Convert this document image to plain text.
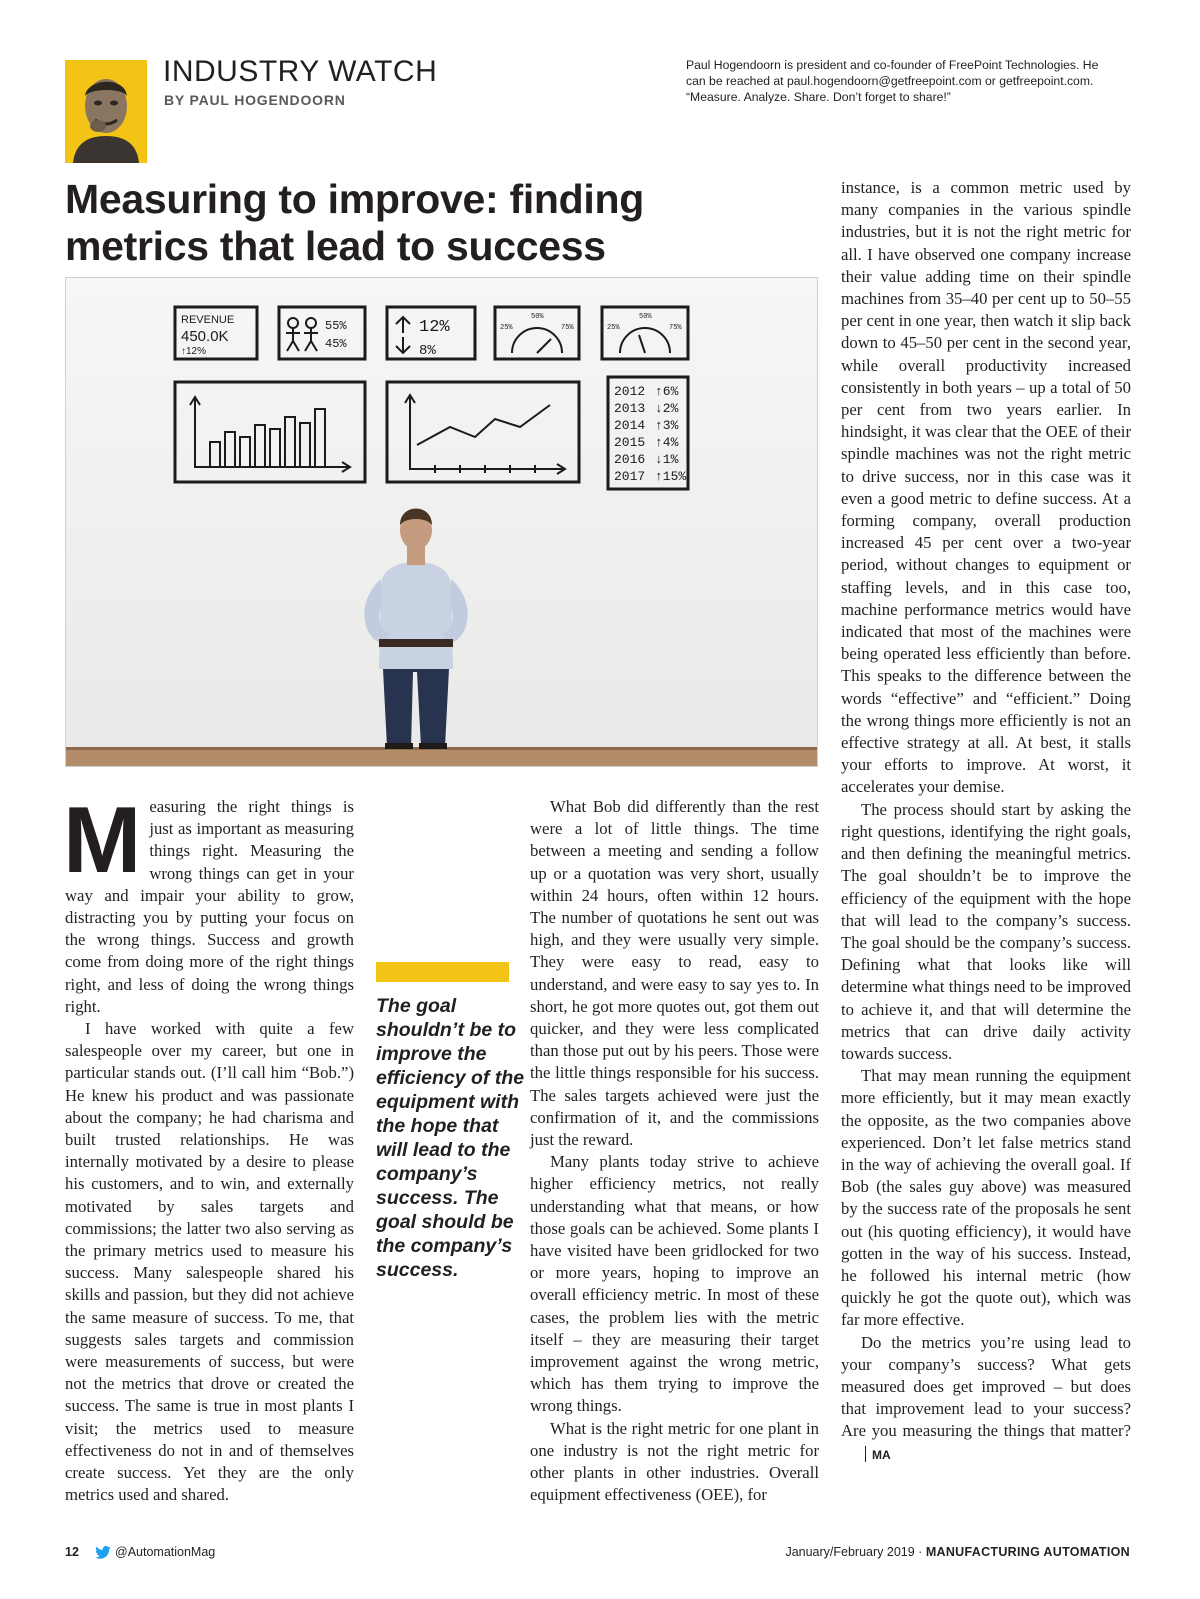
INDUSTRY WATCH
BY PAUL HOGENDOORN
Paul Hogendoorn is president and co-founder of FreePoint Technologies. He can be reached at paul.hogendoorn@getfreepoint.com or getfreepoint.com. “Measure. Analyze. Share. Don’t forget to share!”
Measuring to improve: finding metrics that lead to success
REVENUE
450.0K
↑12%
55%
45%
12%
8%
50%
25%	75%
50%
25%	75%
2012 ↑6%
2013 ↓2%
2014 ↑3%
2015 ↑4%
2016 ↓1%
2017 ↑15%

Measuring the right things is just as important as measuring things right. Measuring the wrong things can get in your way and impair your ability to grow, distracting you by putting your focus on the wrong things. Success and growth come from doing more of the right things right, and less of doing the wrong things right.

I have worked with quite a few salespeople over my career, but one in particular stands out. (I’ll call him “Bob.”) He knew his product and was passionate about the company; he had charisma and built trusted relationships. He was internally motivated by a desire to please his customers, and to win, and externally motivated by sales targets and commissions; the latter two also serving as the primary metrics used to measure his success. Many salespeople shared his skills and passion, but they did not achieve the same measure of success. To me, that suggests sales targets and commission were measurements of success, but were not the metrics that drove or created the success. The same is true in most plants I visit; the metrics used to measure effectiveness do not in and of themselves create success. Yet they are the only metrics used and shared.

The goal shouldn’t be to improve the efficiency of the equipment with the hope that will lead to the company’s success. The goal should be the company’s success.

What Bob did differently than the rest were a lot of little things. The time between a meeting and sending a follow up or a quotation was very short, usually within 24 hours, often within 12 hours. The number of quotations he sent out was high, and they were usually very simple. They were easy to read, easy to understand, and were easy to say yes to. In short, he got more quotes out, got them out quicker, and they were less complicated than those put out by his peers. Those were the little things responsible for his success. The sales targets achieved were just the confirmation of it, and the commissions just the reward.

Many plants today strive to achieve higher efficiency metrics, not really understanding what that means, or how those goals can be achieved. Some plants I have visited have been gridlocked for two or more years, hoping to improve an overall efficiency metric. In most of these cases, the problem lies with the metric itself – they are measuring their target improvement against the wrong metric, which has them trying to improve the wrong things.

What is the right metric for one plant in one industry is not the right metric for other plants in other industries. Overall equipment effectiveness (OEE), for

instance, is a common metric used by many companies in the various spindle industries, but it is not the right metric for all. I have observed one company increase their value adding time on their spindle machines from 35–40 per cent up to 50–55 per cent in one year, then watch it slip back down to 45–50 per cent in the second year, while overall productivity increased consistently in both years – up a total of 50 per cent from two years earlier. In hindsight, it was clear that the OEE of their spindle machines was not the right metric to drive success, nor in this case was it even a good metric to define success. At a forming company, overall production increased 45 per cent over a two-year period, without changes to equipment or staffing levels, and in this case too, machine performance metrics would have indicated that most of the machines were being operated less efficiently than before. This speaks to the difference between the words “effective” and “efficient.” Doing the wrong things more efficiently is not an effective strategy at all. At best, it stalls your efforts to improve. At worst, it accelerates your demise.

The process should start by asking the right questions, identifying the right goals, and then defining the meaningful metrics. The goal shouldn’t be to improve the efficiency of the equipment with the hope that will lead to the company’s success. The goal should be the company’s success. Defining what that looks like will determine what things need to be improved to achieve it, and that will determine the metrics that can drive daily activity towards success.

That may mean running the equipment more efficiently, but it may mean exactly the opposite, as the two companies above experienced. Don’t let false metrics stand in the way of achieving the overall goal. If Bob (the sales guy above) was measured by the success rate of the proposals he sent out (his quoting efficiency), it would have gotten in the way of his success. Instead, he followed his internal metric (how quickly he got the quote out), which was far more effective.

Do the metrics you’re using lead to your company’s success? What gets measured does get improved – but does that improvement lead to your success? Are you measuring the things that matter?MA

12	@AutomationMag	January/February 2019 · MANUFACTURING AUTOMATION
